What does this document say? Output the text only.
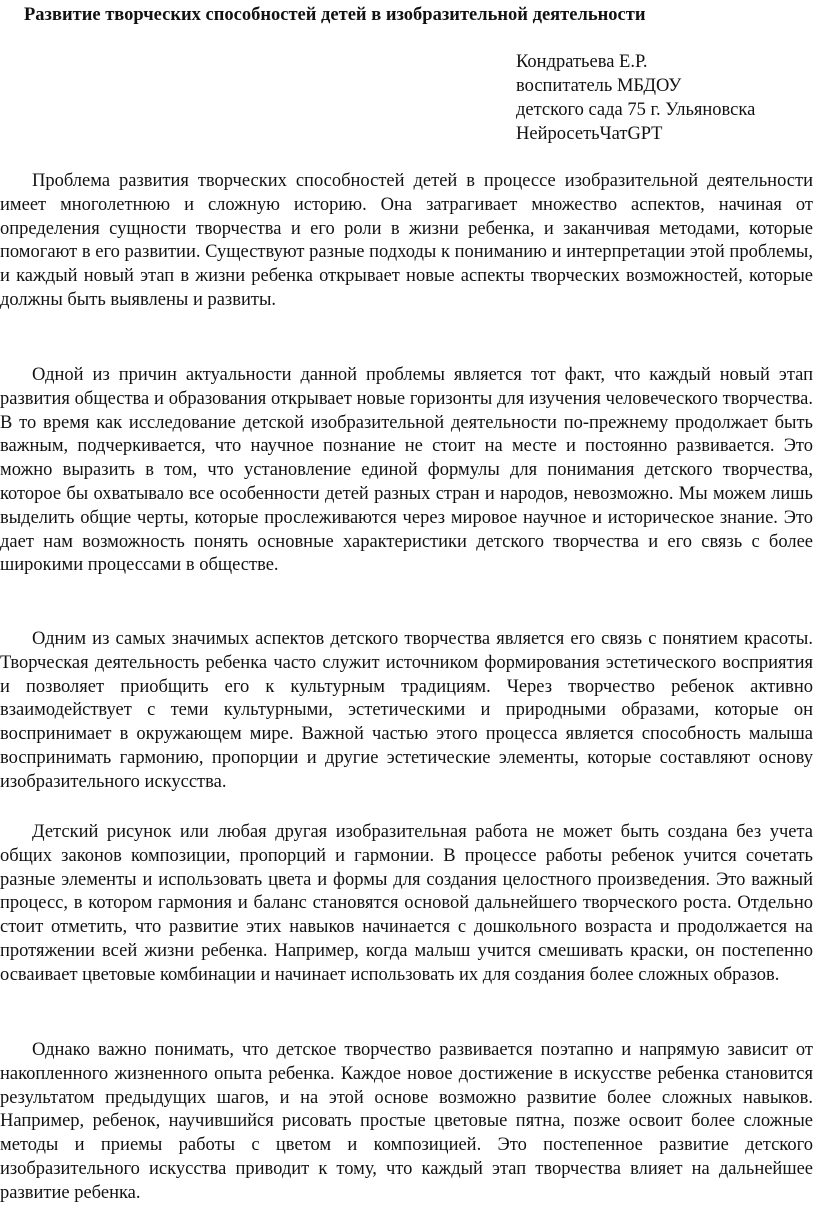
Развитие творческих способностей детей в изобразительной деятельности
Кондратьева Е.Р.
воспитатель МБДОУ
детского сада 75 г. Ульяновска
НейросетьЧатGPT

Проблема развития творческих способностей детей в процессе изобразительной деятельности имеет многолетнюю и сложную историю. Она затрагивает множество аспектов, начиная от определения сущности творчества и его роли в жизни ребенка, и заканчивая методами, которые помогают в его развитии. Существуют разные подходы к пониманию и интерпретации этой проблемы, и каждый новый этап в жизни ребенка открывает новые аспекты творческих возможностей, которые должны быть выявлены и развиты.

Одной из причин актуальности данной проблемы является тот факт, что каждый новый этап развития общества и образования открывает новые горизонты для изучения человеческого творчества. В то время как исследование детской изобразительной деятельности по-прежнему продолжает быть важным, подчеркивается, что научное познание не стоит на месте и постоянно развивается. Это можно выразить в том, что установление единой формулы для понимания детского творчества, которое бы охватывало все особенности детей разных стран и народов, невозможно. Мы можем лишь выделить общие черты, которые прослеживаются через мировое научное и историческое знание. Это дает нам возможность понять основные характеристики детского творчества и его связь с более широкими процессами в обществе.

Одним из самых значимых аспектов детского творчества является его связь с понятием красоты. Творческая деятельность ребенка часто служит источником формирования эстетического восприятия и позволяет приобщить его к культурным традициям. Через творчество ребенок активно взаимодействует с теми культурными, эстетическими и природными образами, которые он воспринимает в окружающем мире. Важной частью этого процесса является способность малыша воспринимать гармонию, пропорции и другие эстетические элементы, которые составляют основу изобразительного искусства.

Детский рисунок или любая другая изобразительная работа не может быть создана без учета общих законов композиции, пропорций и гармонии. В процессе работы ребенок учится сочетать разные элементы и использовать цвета и формы для создания целостного произведения. Это важный процесс, в котором гармония и баланс становятся основой дальнейшего творческого роста. Отдельно стоит отметить, что развитие этих навыков начинается с дошкольного возраста и продолжается на протяжении всей жизни ребенка. Например, когда малыш учится смешивать краски, он постепенно осваивает цветовые комбинации и начинает использовать их для создания более сложных образов.

Однако важно понимать, что детское творчество развивается поэтапно и напрямую зависит от накопленного жизненного опыта ребенка. Каждое новое достижение в искусстве ребенка становится результатом предыдущих шагов, и на этой основе возможно развитие более сложных навыков. Например, ребенок, научившийся рисовать простые цветовые пятна, позже освоит более сложные методы и приемы работы с цветом и композицией. Это постепенное развитие детского изобразительного искусства приводит к тому, что каждый этап творчества влияет на дальнейшее развитие ребенка.
